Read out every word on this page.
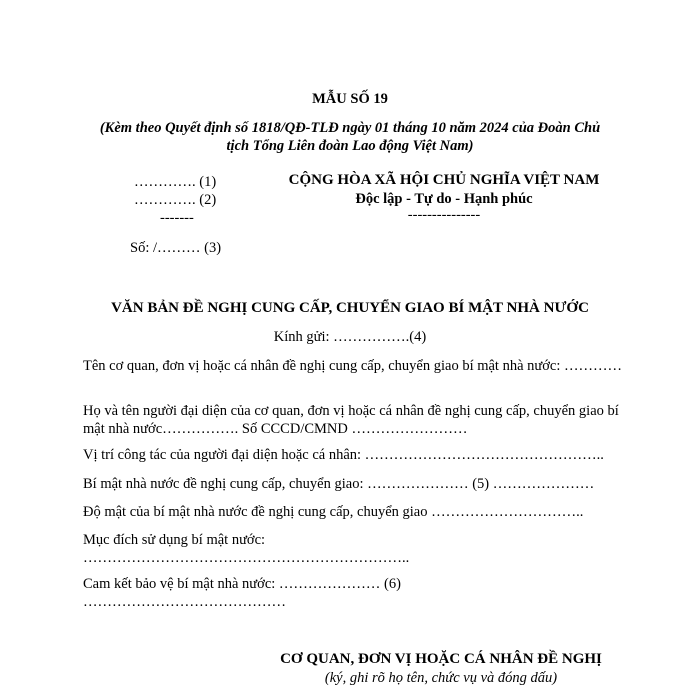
MẪU SỐ 19
(Kèm theo Quyết định số 1818/QĐ-TLĐ ngày 01 tháng 10 năm 2024 của Đoàn Chủ
tịch Tổng Liên đoàn Lao động Việt Nam)
…………. (1)
…………. (2)
-------
CỘNG HÒA XÃ HỘI CHỦ NGHĨA VIỆT NAM
Độc lập - Tự do - Hạnh phúc
---------------
Số: /……… (3)
VĂN BẢN ĐỀ NGHỊ CUNG CẤP, CHUYỂN GIAO BÍ MẬT NHÀ NƯỚC
Kính gửi: …………….(4)
Tên cơ quan, đơn vị hoặc cá nhân đề nghị cung cấp, chuyển giao bí mật nhà nước: …………
Họ và tên người đại diện của cơ quan, đơn vị hoặc cá nhân đề nghị cung cấp, chuyển giao bí mật nhà nước……………. Số CCCD/CMND ……………………
Vị trí công tác của người đại diện hoặc cá nhân: …………………………………………..
Bí mật nhà nước đề nghị cung cấp, chuyển giao: ………………… (5) …………………
Độ mật của bí mật nhà nước đề nghị cung cấp, chuyển giao …………………………..
Mục đích sử dụng bí mật nước:
…………………………………………………………..
Cam kết bảo vệ bí mật nhà nước: ………………… (6)
……………………………………
CƠ QUAN, ĐƠN VỊ HOẶC CÁ NHÂN ĐỀ NGHỊ
(ký, ghi rõ họ tên, chức vụ và đóng dấu)
